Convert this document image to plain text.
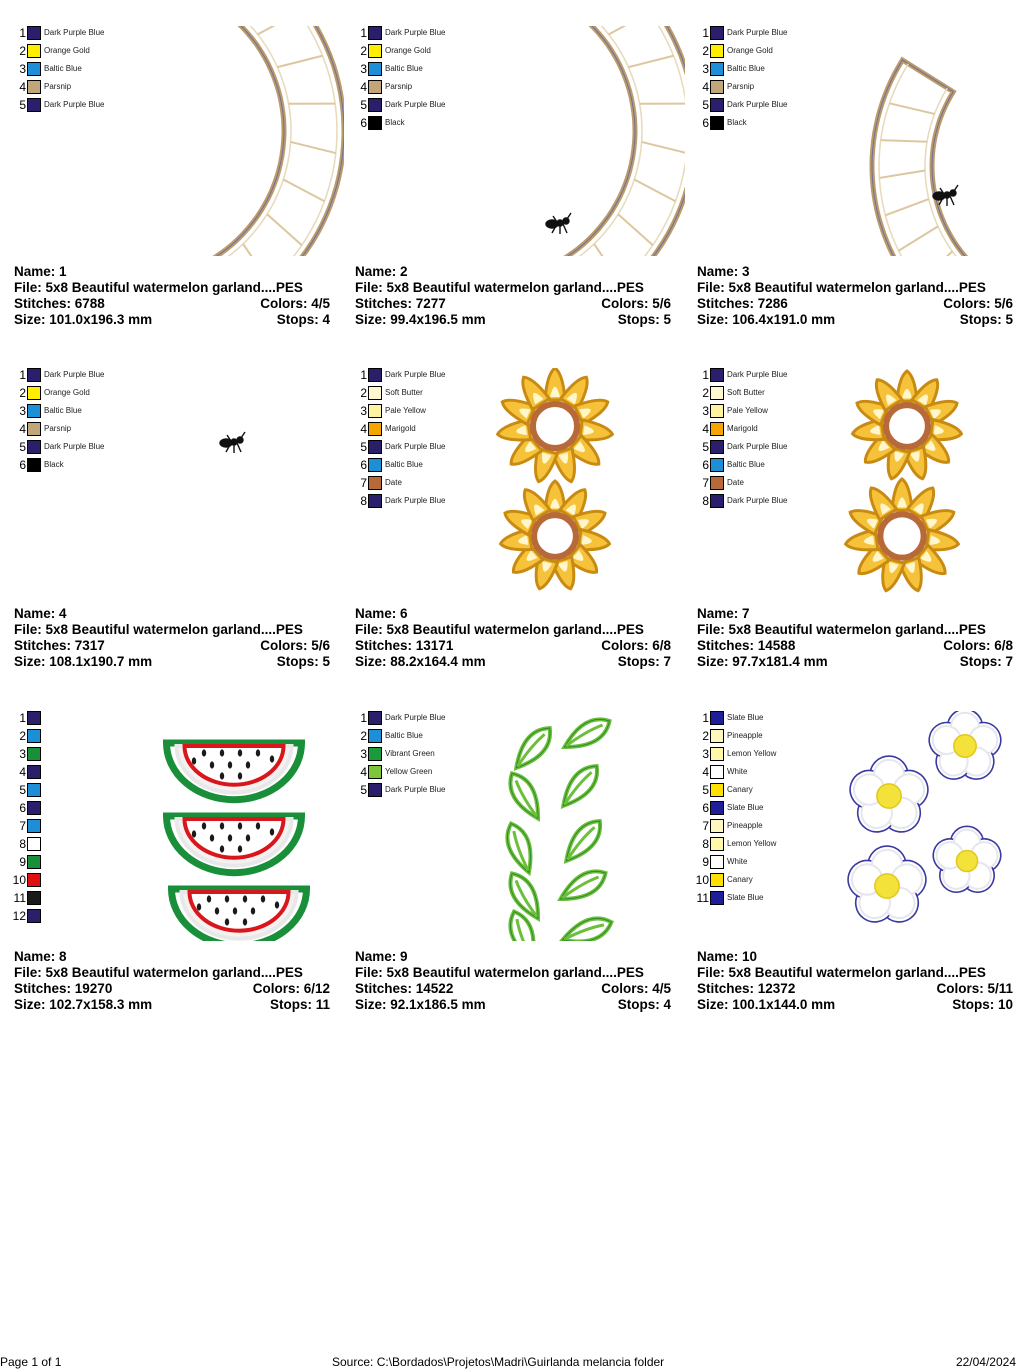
1 Dark Purple Blue
2 Orange Gold
3 Baltic Blue
4 Parsnip
5 Dark Purple Blue
Name: 1
File: 5x8 Beautiful watermelon garland....PES
Stitches: 6788	Colors: 4/5
Size: 101.0x196.3 mm	Stops: 4
1 Dark Purple Blue
2 Orange Gold
3 Baltic Blue
4 Parsnip
5 Dark Purple Blue
6 Black
Name: 2
File: 5x8 Beautiful watermelon garland....PES
Stitches: 7277	Colors: 5/6
Size: 99.4x196.5 mm	Stops: 5
1 Dark Purple Blue
2 Orange Gold
3 Baltic Blue
4 Parsnip
5 Dark Purple Blue
6 Black
Name: 3
File: 5x8 Beautiful watermelon garland....PES
Stitches: 7286	Colors: 5/6
Size: 106.4x191.0 mm	Stops: 5
1 Dark Purple Blue
2 Orange Gold
3 Baltic Blue
4 Parsnip
5 Dark Purple Blue
6 Black
Name: 4
File: 5x8 Beautiful watermelon garland....PES
Stitches: 7317	Colors: 5/6
Size: 108.1x190.7 mm	Stops: 5
1 Dark Purple Blue
2 Soft Butter
3 Pale Yellow
4 Marigold
5 Dark Purple Blue
6 Baltic Blue
7 Date
8 Dark Purple Blue
Name: 6
File: 5x8 Beautiful watermelon garland....PES
Stitches: 13171	Colors: 6/8
Size: 88.2x164.4 mm	Stops: 7
1 Dark Purple Blue
2 Soft Butter
3 Pale Yellow
4 Marigold
5 Dark Purple Blue
6 Baltic Blue
7 Date
8 Dark Purple Blue
Name: 7
File: 5x8 Beautiful watermelon garland....PES
Stitches: 14588	Colors: 6/8
Size: 97.7x181.4 mm	Stops: 7
1
2
3
4
5
6
7
8
9
10
11
12
Name: 8
File: 5x8 Beautiful watermelon garland....PES
Stitches: 19270	Colors: 6/12
Size: 102.7x158.3 mm	Stops: 11
1 Dark Purple Blue
2 Baltic Blue
3 Vibrant Green
4 Yellow Green
5 Dark Purple Blue
Name: 9
File: 5x8 Beautiful watermelon garland....PES
Stitches: 14522	Colors: 4/5
Size: 92.1x186.5 mm	Stops: 4
1 Slate Blue
2 Pineapple
3 Lemon Yellow
4 White
5 Canary
6 Slate Blue
7 Pineapple
8 Lemon Yellow
9 White
10 Canary
11 Slate Blue
Name: 10
File: 5x8 Beautiful watermelon garland....PES
Stitches: 12372	Colors: 5/11
Size: 100.1x144.0 mm	Stops: 10
Page 1 of 1	Source: C:\Bordados\Projetos\Madri\Guirlanda melancia folder	22/04/2024
